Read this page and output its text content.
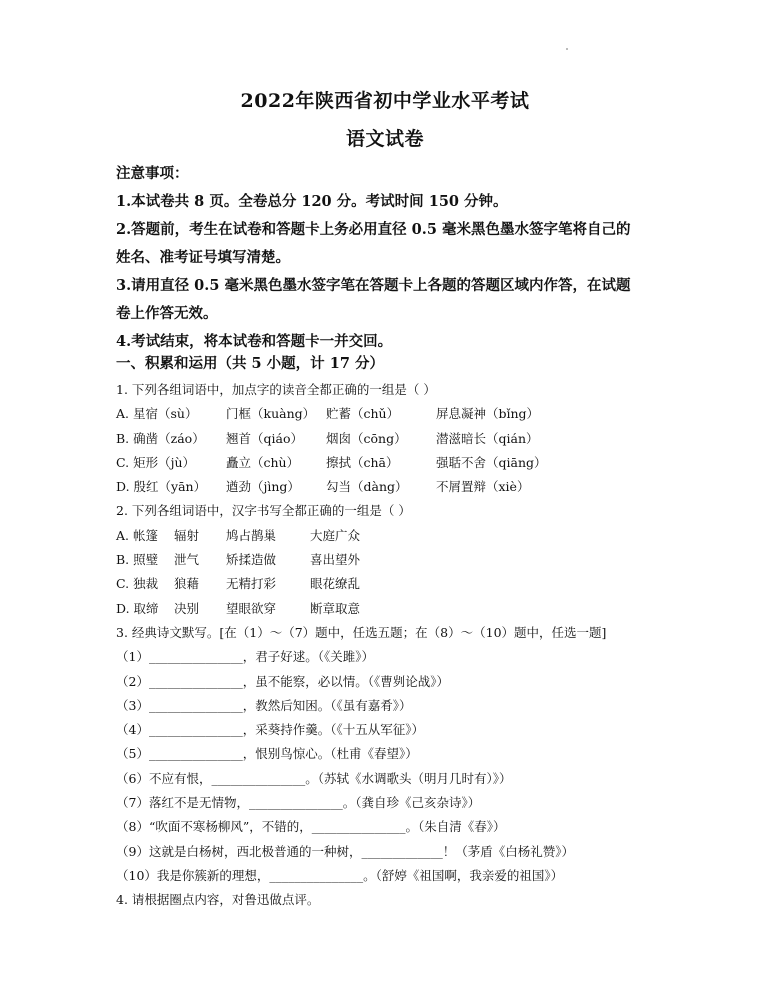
2022年陕西省初中学业水平考试
语文试卷
注意事项：
1.本试卷共 8 页。全卷总分 120 分。考试时间 150 分钟。
2.答题前，考生在试卷和答题卡上务必用直径 0.5 毫米黑色墨水签字笔将自己的
姓名、准考证号填写清楚。
3.请用直径 0.5 毫米黑色墨水签字笔在答题卡上各题的答题区域内作答，在试题
卷上作答无效。
4.考试结束，将本试卷和答题卡一并交回。
一、积累和运用（共 5 小题，计 17 分）
1. 下列各组词语中，加点字的读音全都正确的一组是（ ）
A. 星宿（sù） 门框（kuàng） 贮蓄（chǔ）	屏息凝神（bǐng）
B. 确凿（záo） 翘首（qiáo） 烟囱（cōng） 潜滋暗长（qián）
C. 矩形（jù） 矗立（chù） 擦拭（chā）	强聒不舍（qiāng）
D. 殷红（yān） 遒劲（jìng） 勾当（dàng） 不屑置辩（xiè）
2. 下列各组词语中，汉字书写全都正确的一组是（ ）
A. 帐篷 辐射 鸠占鹊巢	大庭广众
B. 照璧 泄气 矫揉造做	喜出望外
C. 独裁 狼藉 无精打彩	眼花缭乱
D. 取缔 决别 望眼欲穿	断章取意
3. 经典诗文默写。[在（1）～（7）题中，任选五题；在（8）～（10）题中，任选一题]
（1）_______________，君子好逑。（《关雎》）
（2）_______________，虽不能察，必以情。（《曹刿论战》）
（3）_______________，教然后知困。（《虽有嘉肴》）
（4）_______________，采葵持作羹。（《十五从军征》）
（5）_______________，恨别鸟惊心。（杜甫《春望》）
（6）不应有恨，_______________。（苏轼《水调歌头（明月几时有）》）
（7）落红不是无情物，_______________。（龚自珍《己亥杂诗》）
（8）“吹面不寒杨柳风”，不错的，_______________。（朱自清《春》）
（9）这就是白杨树，西北极普通的一种树，_____________！（茅盾《白杨礼赞》）
（10）我是你簇新的理想，_______________。（舒婷《祖国啊，我亲爱的祖国》）
4. 请根据圈点内容，对鲁迅做点评。
